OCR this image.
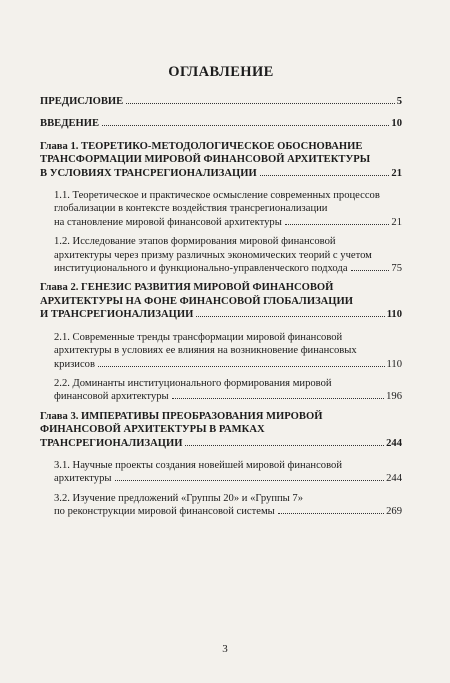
ОГЛАВЛЕНИЕ
ПРЕДИСЛОВИЕ	5
ВВЕДЕНИЕ	10
Глава 1. ТЕОРЕТИКО-МЕТОДОЛОГИЧЕСКОЕ ОБОСНОВАНИЕ
ТРАНСФОРМАЦИИ МИРОВОЙ ФИНАНСОВОЙ АРХИТЕКТУРЫ
В УСЛОВИЯХ ТРАНСРЕГИОНАЛИЗАЦИИ	21
1.1. Теоретическое и практическое осмысление современных процессов
глобализации в контексте воздействия трансрегионализации
на становление мировой финансовой архитектуры	21
1.2. Исследование этапов формирования мировой финансовой
архитектуры через призму различных экономических теорий с учетом
институционального и функционально-управленческого подхода	75
Глава 2. ГЕНЕЗИС РАЗВИТИЯ МИРОВОЙ ФИНАНСОВОЙ
АРХИТЕКТУРЫ НА ФОНЕ ФИНАНСОВОЙ ГЛОБАЛИЗАЦИИ
И ТРАНСРЕГИОНАЛИЗАЦИИ	110
2.1. Современные тренды трансформации мировой финансовой
архитектуры в условиях ее влияния на возникновение финансовых
кризисов	110
2.2. Доминанты институционального формирования мировой
финансовой архитектуры	196
Глава 3. ИМПЕРАТИВЫ ПРЕОБРАЗОВАНИЯ МИРОВОЙ
ФИНАНСОВОЙ АРХИТЕКТУРЫ В РАМКАХ
ТРАНСРЕГИОНАЛИЗАЦИИ	244
3.1. Научные проекты создания новейшей мировой финансовой
архитектуры	244
3.2. Изучение предложений «Группы 20» и «Группы 7»
по реконструкции мировой финансовой системы	269
3
